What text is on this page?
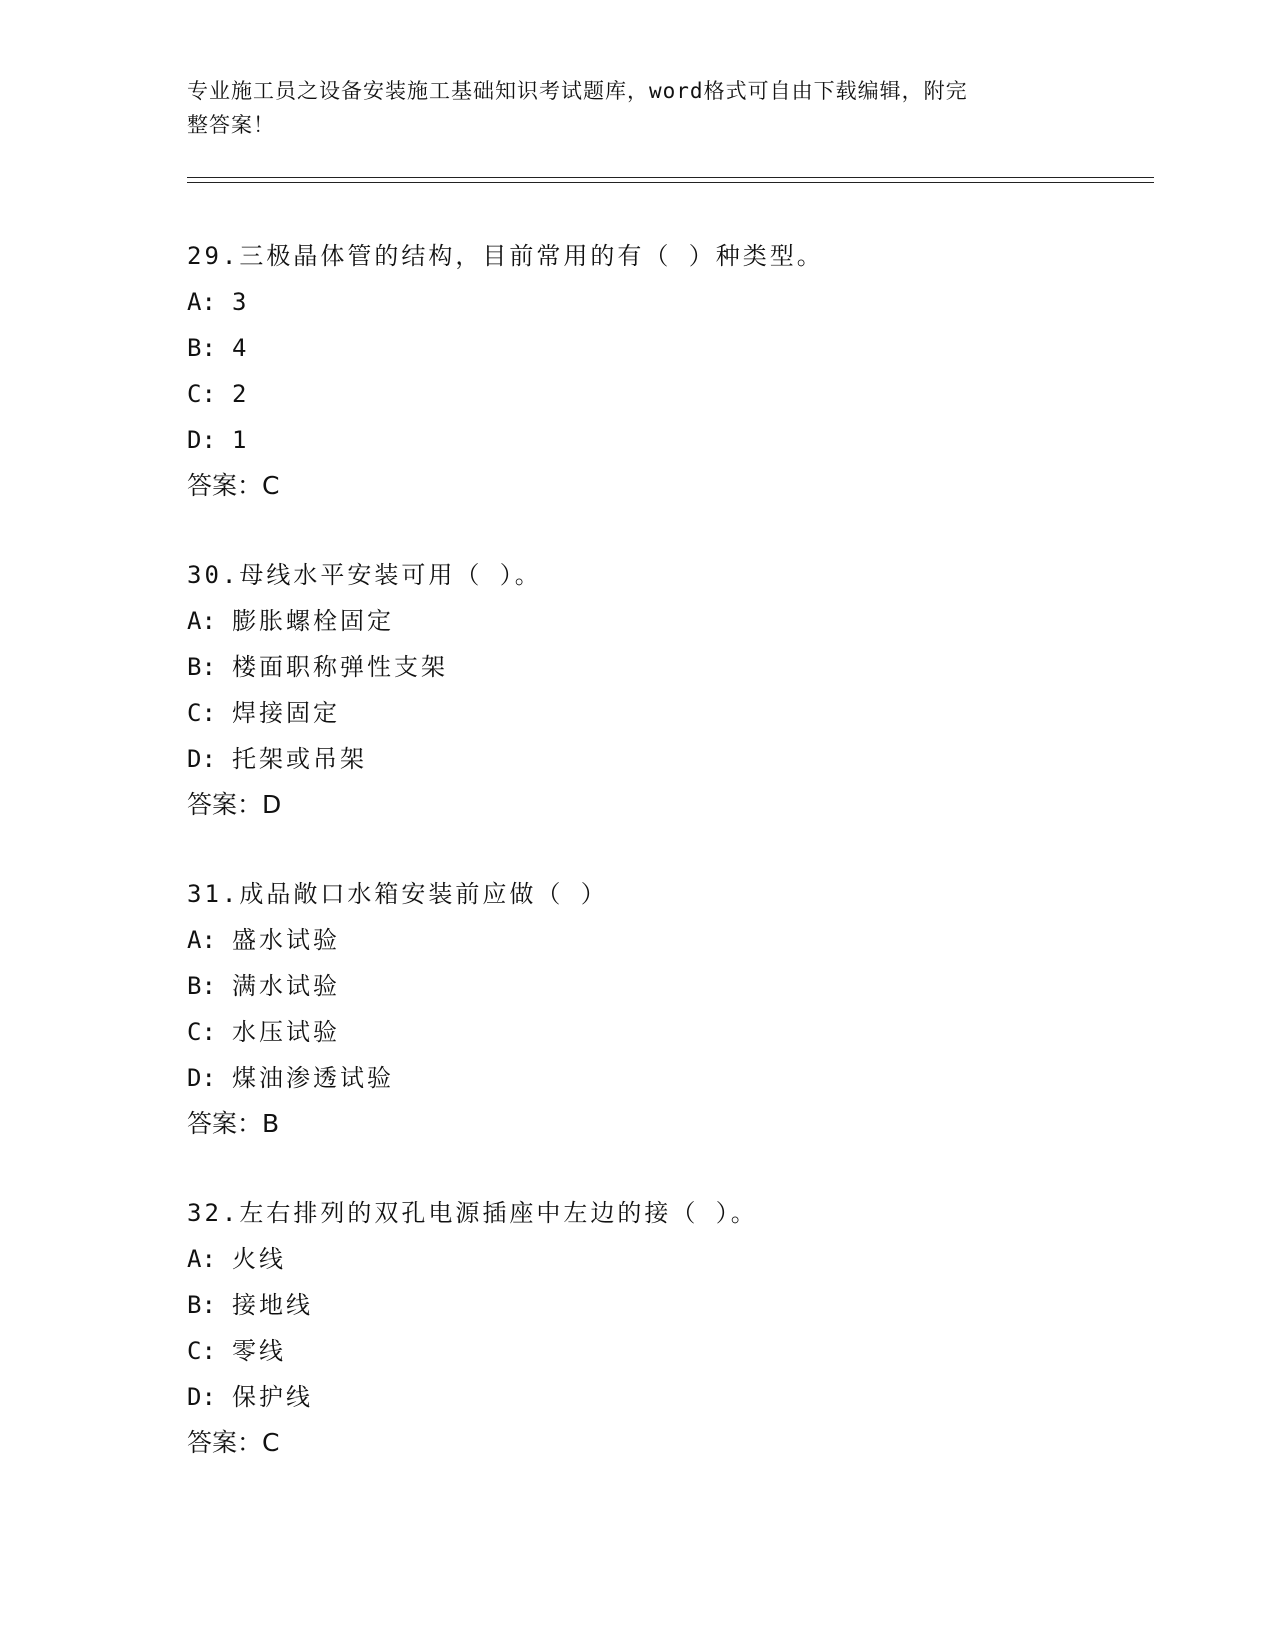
专业施工员之设备安装施工基础知识考试题库，word格式可自由下载编辑，附完
整答案！
29.三极晶体管的结构，目前常用的有（ ）种类型。
A: 3
B: 4
C: 2
D: 1
答案：C
30.母线水平安装可用（ ）。
A: 膨胀螺栓固定
B: 楼面职称弹性支架
C: 焊接固定
D: 托架或吊架
答案：D
31.成品敞口水箱安装前应做（ ）
A: 盛水试验
B: 满水试验
C: 水压试验
D: 煤油渗透试验
答案：B
32.左右排列的双孔电源插座中左边的接（ ）。
A: 火线
B: 接地线
C: 零线
D: 保护线
答案：C
